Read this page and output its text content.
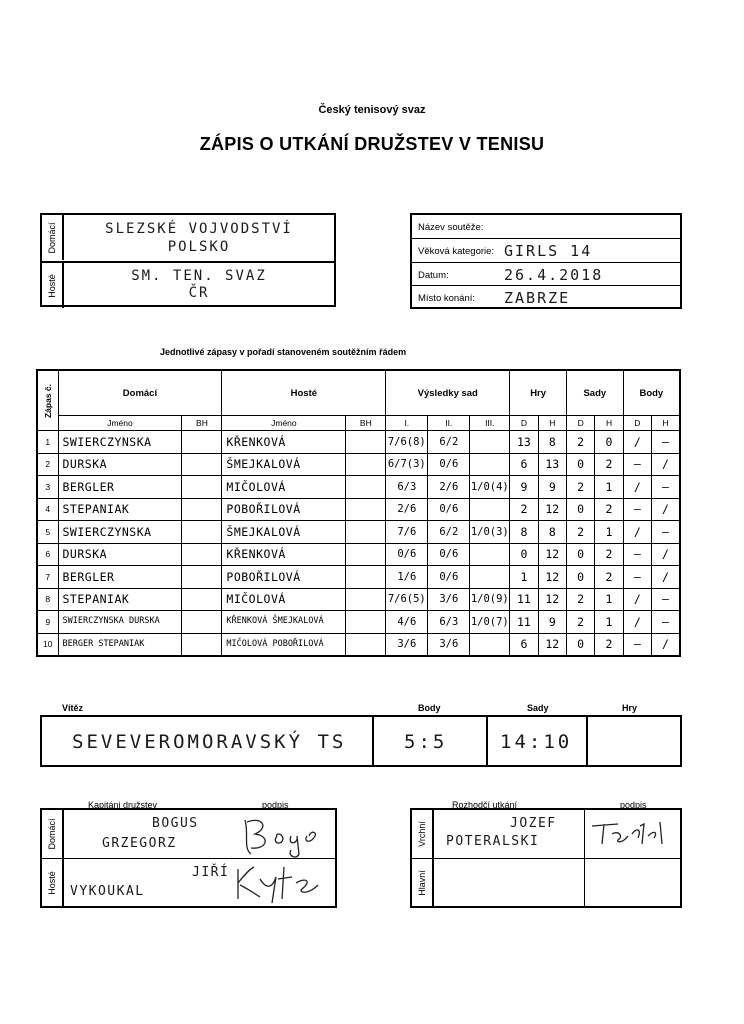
Český tenisový svaz
ZÁPIS O UTKÁNÍ DRUŽSTEV V TENISU
Domácí	SLEZSKÉ VOJVODSTVÍ
POLSKO
Hosté	SM. TEN. SVAZ
ČR
Název soutěže:
Věková kategorie: GIRLS 14
Datum:	26.4.2018
Místo konání: ZABRZE
Jednotlivé zápasy v pořadí stanoveném soutěžním řádem
Zápas č.	Domácí		Hosté		Výsledky sad			Hry		Sady		Body	
	Jméno	BH	Jméno	BH	I.	II.	III.	D	H	D	H	D	H
1	SWIERCZYNSKA		KŘENKOVÁ		7/6(8)	6/2		13	8	2	0	/	—
2	DURSKA		ŠMEJKALOVÁ		6/7(3)	0/6		6	13	0	2	—	/
3	BERGLER		MIČOLOVÁ		6/3	2/6	1/0(4)	9	9	2	1	/	—
4	STEPANIAK		POBOŘILOVÁ		2/6	0/6		2	12	0	2	—	/
5	SWIERCZYNSKA		ŠMEJKALOVÁ		7/6	6/2	1/0(3)	8	8	2	1	/	—
6	DURSKA		KŘENKOVÁ		0/6	0/6		0	12	0	2	—	/
7	BERGLER		POBOŘILOVÁ		1/6	0/6		1	12	0	2	—	/
8	STEPANIAK		MIČOLOVÁ		7/6(5)	3/6	1/0(9)	11	12	2	1	/	—
9	SWIERCZYNSKA DURSKA		KŘENKOVÁ ŠMEJKALOVÁ		4/6	6/3	1/0(7)	11	9	2	1	/	—
10	BERGER STEPANIAK		MIČOLOVÁ POBOŘILOVÁ		3/6	3/6		6	12	0	2	—	/
Vítěz	Body	Sady	Hry
SEVEVEROMORAVSKÝ TS	5:5	14:10
Kapitáni družstev	podpis
Domácí	BOGUS
GRZEGORZ
Hosté	JIŘÍ
VYKOUKAL
Rozhodčí utkání	podpis
Vrchní	JOZEF
POTERALSKI
Hlavní
